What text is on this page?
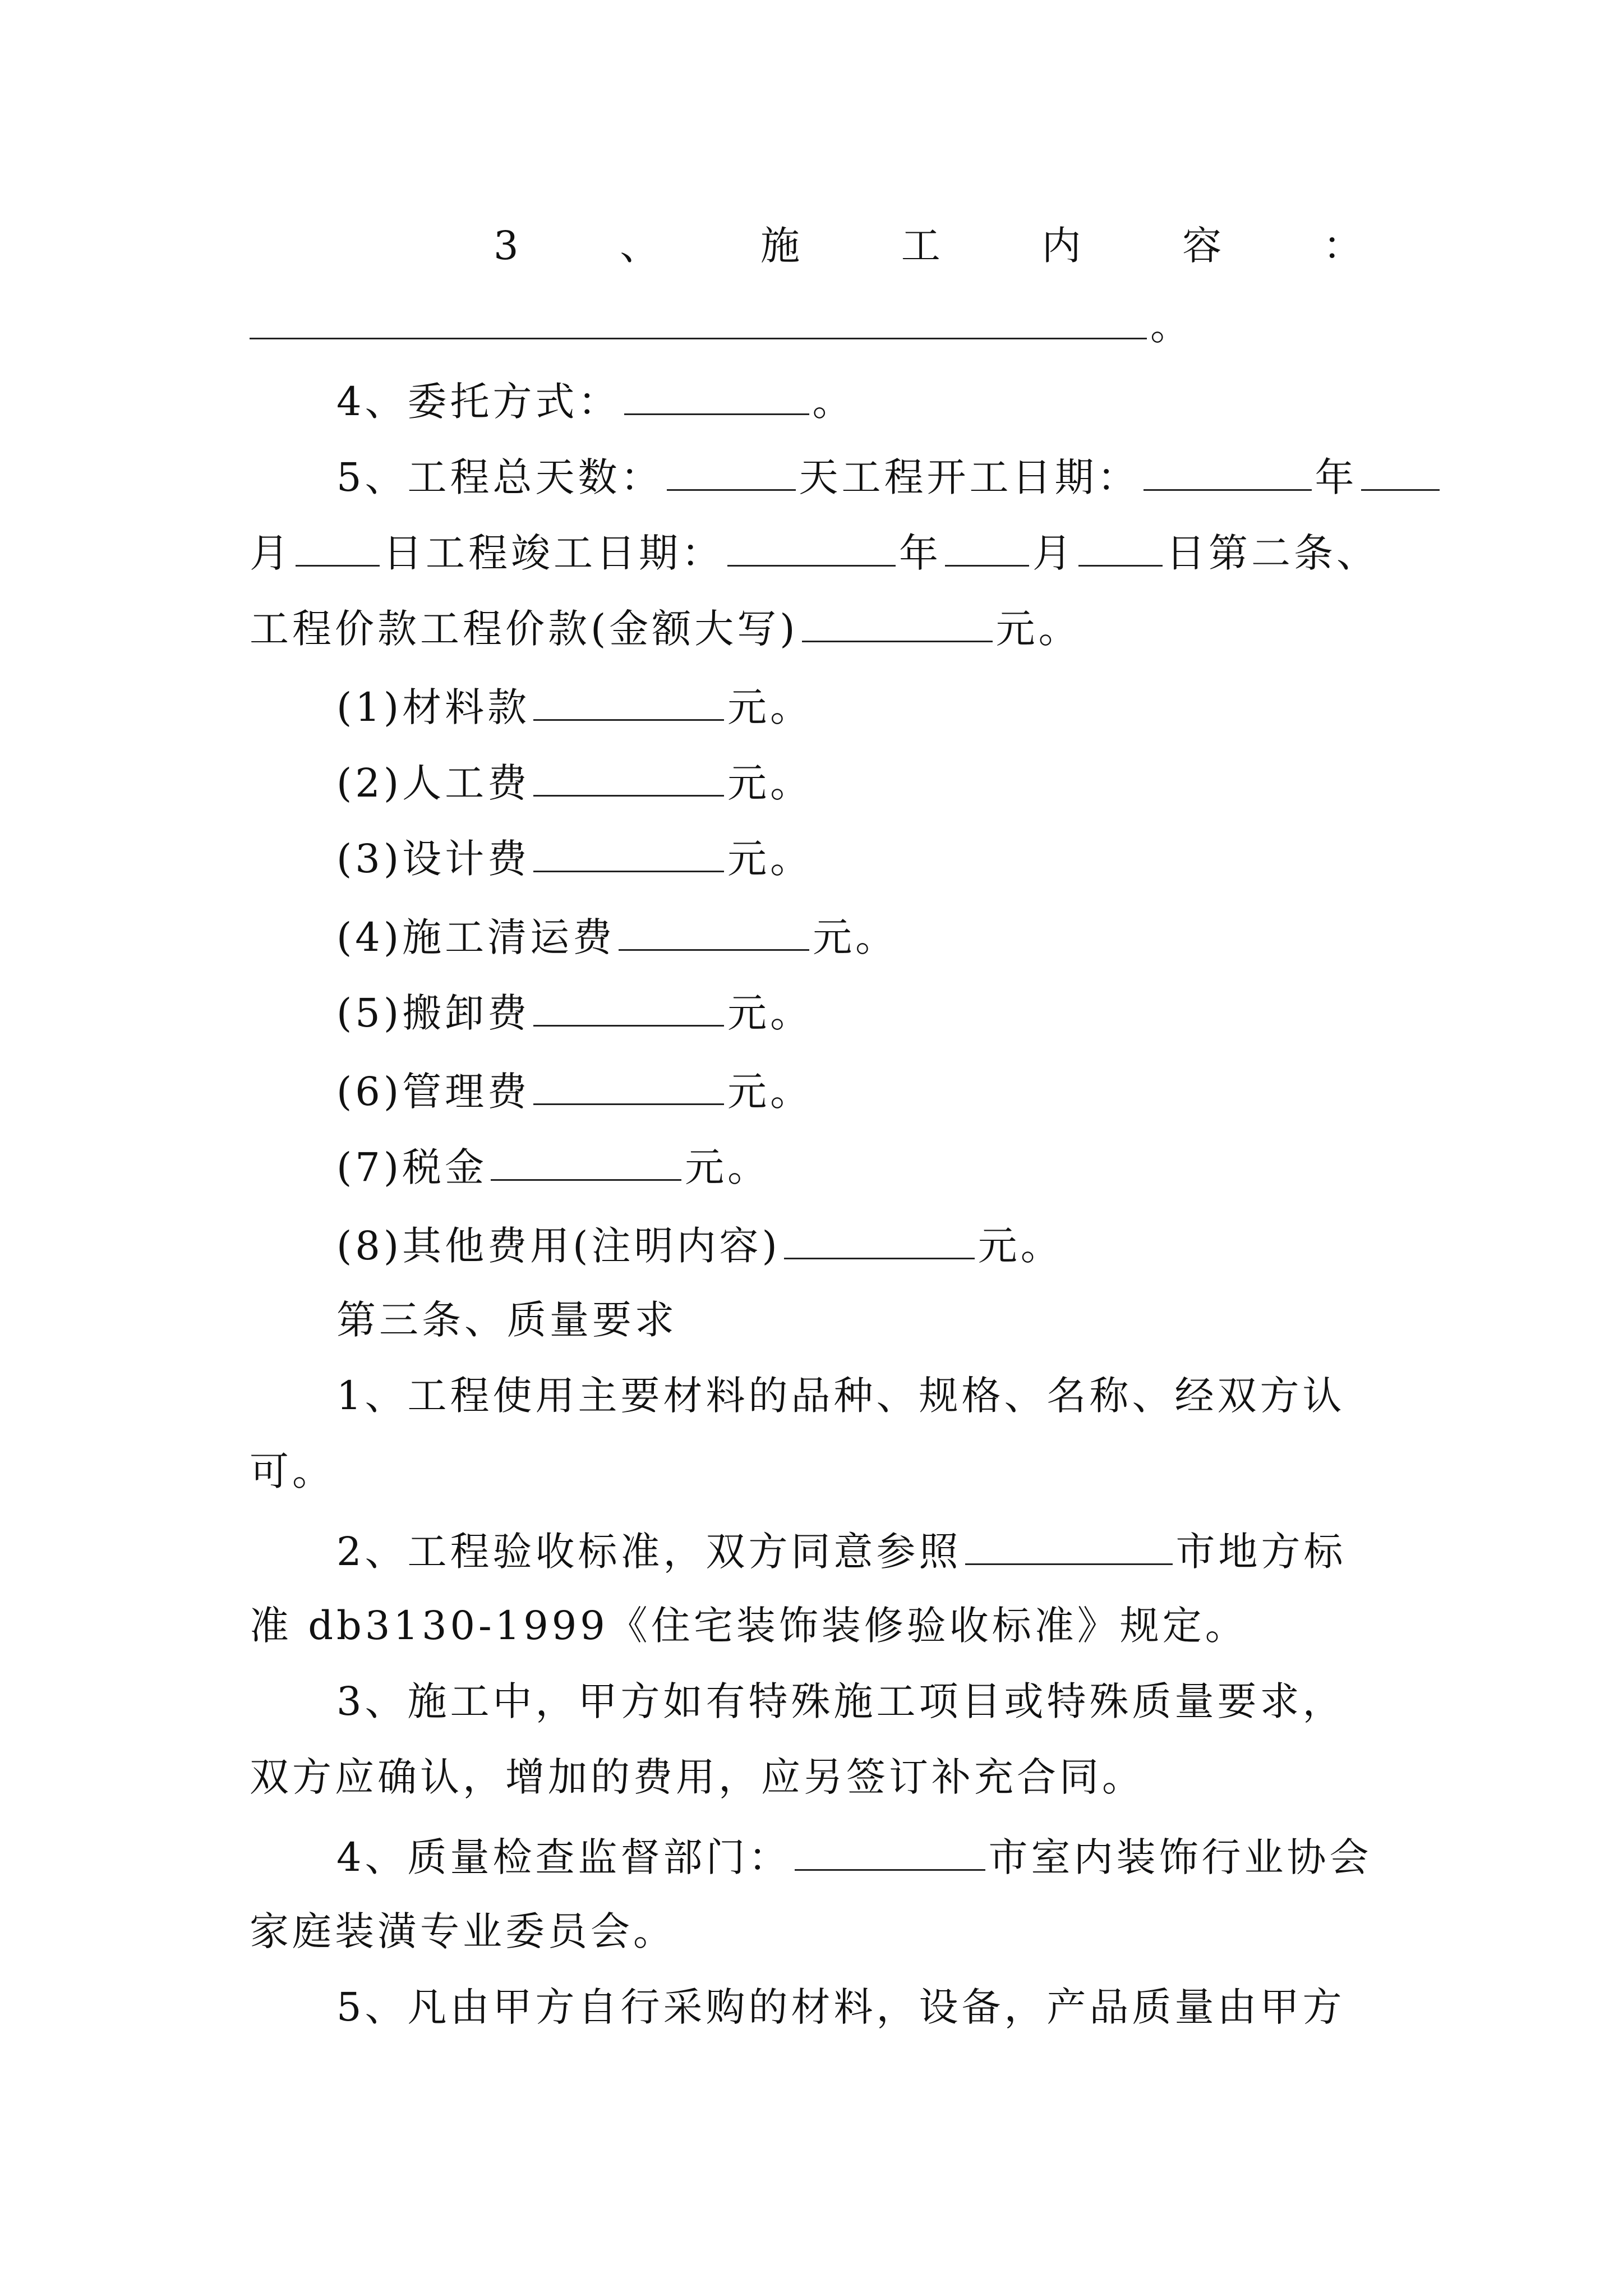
3 、 施 工 内 容 ：
。
4、委托方式：	。
5、工程总天数：	天工程开工日期：	年
月 日工程竣工日期：	年 月 日第二条、
工程价款工程价款(金额大写)	元。
(1)材料款	元。
(2)人工费	元。
(3)设计费	元。
(4)施工清运费	元。
(5)搬卸费	元。
(6)管理费	元。
(7)税金	元。
(8)其他费用(注明内容)	元。
第三条、质量要求
1、工程使用主要材料的品种、规格、名称、经双方认
可。
2、工程验收标准，双方同意参照	市地方标
准 db3130-1999《住宅装饰装修验收标准》规定。
3、施工中，甲方如有特殊施工项目或特殊质量要求，
双方应确认，增加的费用，应另签订补充合同。
4、质量检查监督部门：	市室内装饰行业协会
家庭装潢专业委员会。
5、凡由甲方自行采购的材料，设备，产品质量由甲方
